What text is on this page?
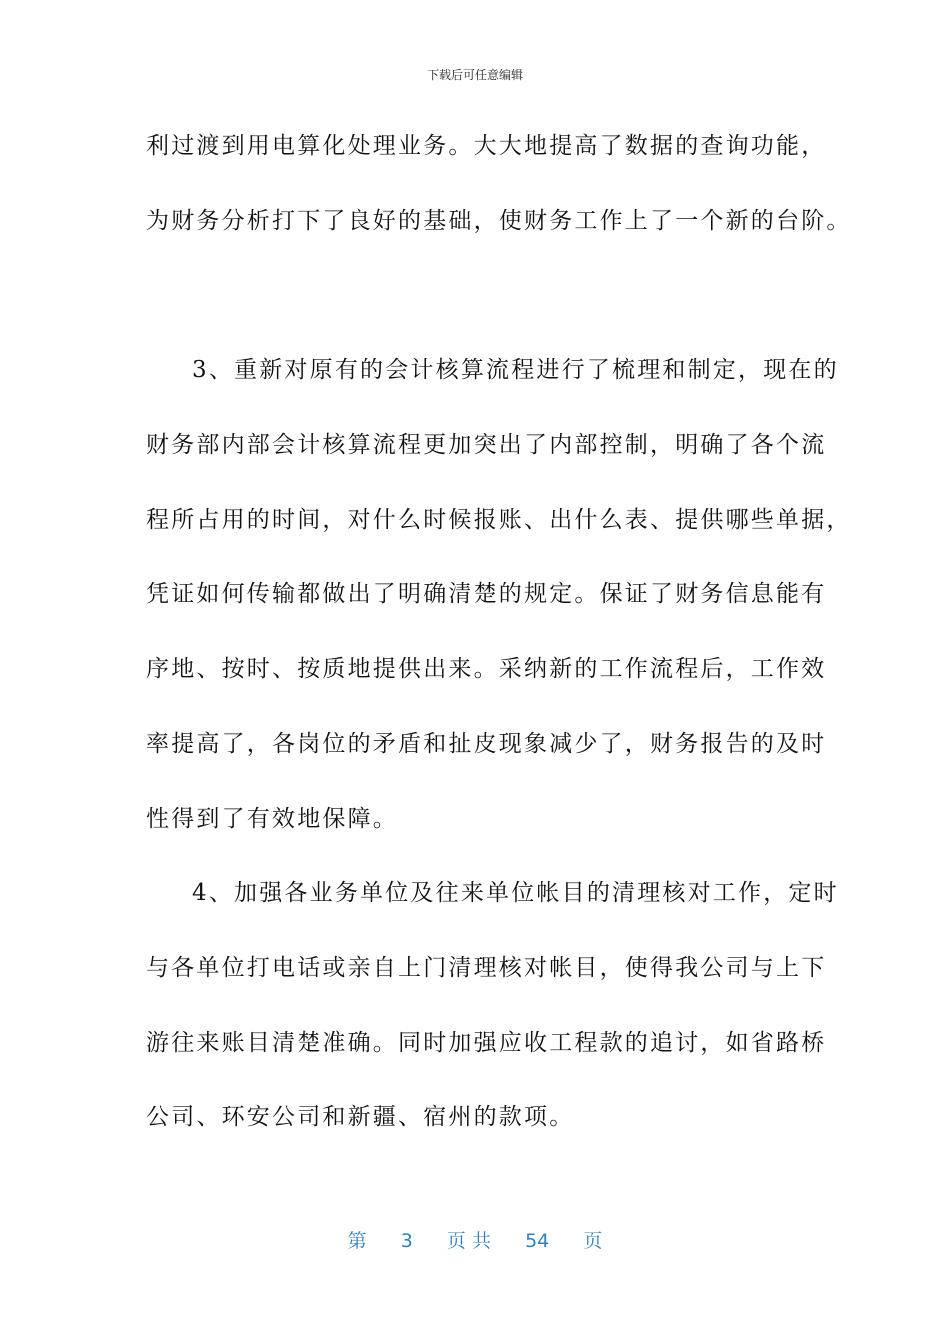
下载后可任意编辑
利过渡到用电算化处理业务。大大地提高了数据的查询功能，
为财务分析打下了良好的基础，使财务工作上了一个新的台阶。
3、重新对原有的会计核算流程进行了梳理和制定，现在的
财务部内部会计核算流程更加突出了内部控制，明确了各个流
程所占用的时间，对什么时候报账、出什么表、提供哪些单据，
凭证如何传输都做出了明确清楚的规定。保证了财务信息能有
序地、按时、按质地提供出来。采纳新的工作流程后，工作效
率提高了，各岗位的矛盾和扯皮现象减少了，财务报告的及时
性得到了有效地保障。
4、加强各业务单位及往来单位帐目的清理核对工作，定时
与各单位打电话或亲自上门清理核对帐目，使得我公司与上下
游往来账目清楚准确。同时加强应收工程款的追讨，如省路桥
公司、环安公司和新疆、宿州的款项。
第 3 页 共 54 页
